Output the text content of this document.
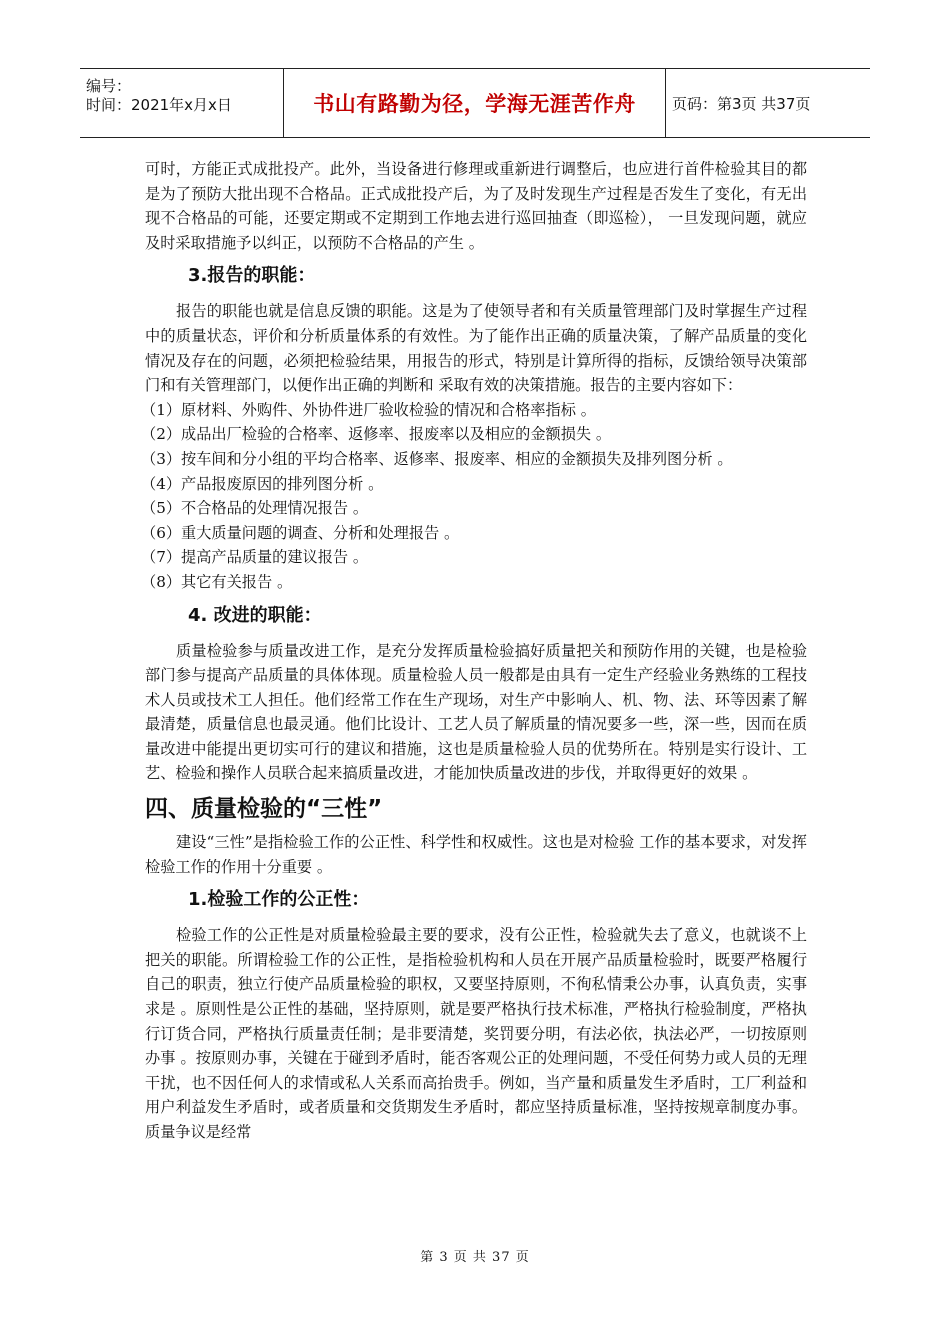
编号：
时间：2021年x月x日	书山有路勤为径，学海无涯苦作舟	页码：第3页 共37页

可时，方能正式成批投产。此外，当设备进行修理或重新进行调整后，也应进行首件检验其目的都是为了预防大批出现不合格品。正式成批投产后，为了及时发现生产过程是否发生了变化，有无出现不合格品的可能，还要定期或不定期到工作地去进行巡回抽查（即巡检）， 一旦发现问题，就应及时采取措施予以纠正，以预防不合格品的产生 。

3.报告的职能：

报告的职能也就是信息反馈的职能。这是为了使领导者和有关质量管理部门及时掌握生产过程中的质量状态，评价和分析质量体系的有效性。为了能作出正确的质量决策，了解产品质量的变化情况及存在的问题，必须把检验结果，用报告的形式，特别是计算所得的指标，反馈给领导决策部门和有关管理部门，以便作出正确的判断和 采取有效的决策措施。报告的主要内容如下：

（1）原材料、外购件、外协件进厂验收检验的情况和合格率指标 。

（2）成品出厂检验的合格率、返修率、报废率以及相应的金额损失 。

（3）按车间和分小组的平均合格率、返修率、报废率、相应的金额损失及排列图分析 。

（4）产品报废原因的排列图分析 。

（5）不合格品的处理情况报告 。

（6）重大质量问题的调查、分析和处理报告 。

（7）提高产品质量的建议报告 。

（8）其它有关报告 。

4. 改进的职能：

质量检验参与质量改进工作，是充分发挥质量检验搞好质量把关和预防作用的关键，也是检验部门参与提高产品质量的具体体现。质量检验人员一般都是由具有一定生产经验业务熟练的工程技术人员或技术工人担任。他们经常工作在生产现场，对生产中影响人、机、物、法、环等因素了解最清楚，质量信息也最灵通。他们比设计、工艺人员了解质量的情况要多一些，深一些，因而在质量改进中能提出更切实可行的建议和措施，这也是质量检验人员的优势所在。特别是实行设计、工艺、检验和操作人员联合起来搞质量改进，才能加快质量改进的步伐，并取得更好的效果 。

四、质量检验的“三性”

建设“三性”是指检验工作的公正性、科学性和权威性。这也是对检验 工作的基本要求，对发挥检验工作的作用十分重要 。

1.检验工作的公正性：

检验工作的公正性是对质量检验最主要的要求，没有公正性，检验就失去了意义，也就谈不上把关的职能。所谓检验工作的公正性，是指检验机构和人员在开展产品质量检验时，既要严格履行自己的职责，独立行使产品质量检验的职权，又要坚持原则，不徇私情秉公办事，认真负责，实事求是 。原则性是公正性的基础，坚持原则，就是要严格执行技术标准，严格执行检验制度，严格执行订货合同，严格执行质量责任制；是非要清楚，奖罚要分明，有法必依，执法必严，一切按原则办事 。按原则办事，关键在于碰到矛盾时，能否客观公正的处理问题，不受任何势力或人员的无理干扰，也不因任何人的求情或私人关系而高抬贵手。例如，当产量和质量发生矛盾时，工厂利益和用户利益发生矛盾时，或者质量和交货期发生矛盾时，都应坚持质量标准，坚持按规章制度办事。质量争议是经常

第 3 页 共 37 页
